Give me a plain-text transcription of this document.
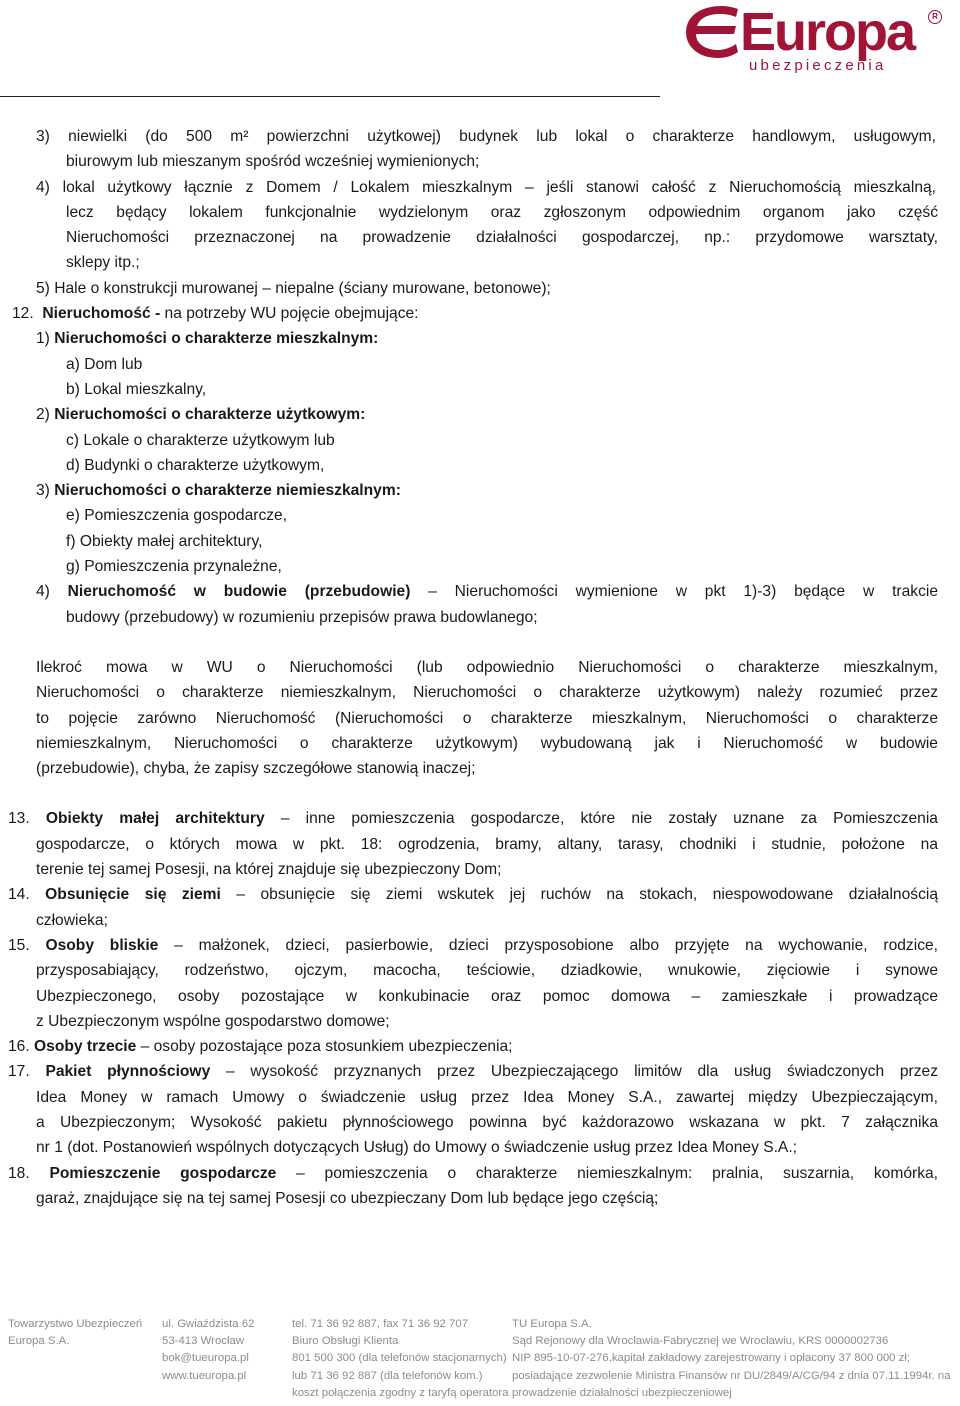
Europa	R
ubezpieczenia
3) niewielki (do 500 m² powierzchni użytkowej) budynek lub lokal o charakterze handlowym, usługowym,
biurowym lub mieszanym spośród wcześniej wymienionych;
4) lokal użytkowy łącznie z Domem / Lokalem mieszkalnym – jeśli stanowi całość z Nieruchomością mieszkalną,
lecz będący lokalem funkcjonalnie wydzielonym oraz zgłoszonym odpowiednim organom jako część
Nieruchomości przeznaczonej na prowadzenie działalności gospodarczej, np.: przydomowe warsztaty,
sklepy itp.;
5) Hale o konstrukcji murowanej – niepalne (ściany murowane, betonowe);
12. Nieruchomość - na potrzeby WU pojęcie obejmujące:
1) Nieruchomości o charakterze mieszkalnym:
a) Dom lub
b) Lokal mieszkalny,
2) Nieruchomości o charakterze użytkowym:
c) Lokale o charakterze użytkowym lub
d) Budynki o charakterze użytkowym,
3) Nieruchomości o charakterze niemieszkalnym:
e) Pomieszczenia gospodarcze,
f) Obiekty małej architektury,
g) Pomieszczenia przynależne,
4) Nieruchomość w budowie (przebudowie) – Nieruchomości wymienione w pkt 1)-3) będące w trakcie
budowy (przebudowy) w rozumieniu przepisów prawa budowlanego;
Ilekroć mowa w WU o Nieruchomości (lub odpowiednio Nieruchomości o charakterze mieszkalnym,
Nieruchomości o charakterze niemieszkalnym, Nieruchomości o charakterze użytkowym) należy rozumieć przez
to pojęcie zarówno Nieruchomość (Nieruchomości o charakterze mieszkalnym, Nieruchomości o charakterze
niemieszkalnym, Nieruchomości o charakterze użytkowym) wybudowaną jak i Nieruchomość w budowie
(przebudowie), chyba, że zapisy szczegółowe stanowią inaczej;
13. Obiekty małej architektury – inne pomieszczenia gospodarcze, które nie zostały uznane za Pomieszczenia
gospodarcze, o których mowa w pkt. 18: ogrodzenia, bramy, altany, tarasy, chodniki i studnie, położone na
terenie tej samej Posesji, na której znajduje się ubezpieczony Dom;
14. Obsunięcie się ziemi – obsunięcie się ziemi wskutek jej ruchów na stokach, niespowodowane działalnością
człowieka;
15. Osoby bliskie – małżonek, dzieci, pasierbowie, dzieci przysposobione albo przyjęte na wychowanie, rodzice,
przysposabiający, rodzeństwo, ojczym, macocha, teściowie, dziadkowie, wnukowie, zięciowie i synowe
Ubezpieczonego, osoby pozostające w konkubinacie oraz pomoc domowa – zamieszkałe i prowadzące
z Ubezpieczonym wspólne gospodarstwo domowe;
16. Osoby trzecie – osoby pozostające poza stosunkiem ubezpieczenia;
17. Pakiet płynnościowy – wysokość przyznanych przez Ubezpieczającego limitów dla usług świadczonych przez
Idea Money w ramach Umowy o świadczenie usług przez Idea Money S.A., zawartej między Ubezpieczającym,
a Ubezpieczonym; Wysokość pakietu płynnościowego powinna być każdorazowo wskazana w pkt. 7 załącznika
nr 1 (dot. Postanowień wspólnych dotyczących Usług) do Umowy o świadczenie usług przez Idea Money S.A.;
18. Pomieszczenie gospodarcze – pomieszczenia o charakterze niemieszkalnym: pralnia, suszarnia, komórka,
garaż, znajdujące się na tej samej Posesji co ubezpieczany Dom lub będące jego częścią;
Towarzystwo Ubezpieczeń
Europa S.A.
ul. Gwiaździsta 62
53-413 Wrocław
bok@tueuropa.pl
www.tueuropa.pl
tel. 71 36 92 887, fax 71 36 92 707
Biuro Obsługi Klienta
801 500 300 (dla telefonów stacjonarnych)
lub 71 36 92 887 (dla telefonów kom.)
koszt połączenia zgodny z taryfą operatora
TU Europa S.A.
Sąd Rejonowy dla Wrocławia-Fabrycznej we Wrocławiu, KRS 0000002736
NIP 895-10-07-276,kapitał zakładowy zarejestrowany i opłacony 37 800 000 zł;
posiadające zezwolenie Ministra Finansów nr DU/2849/A/CG/94 z dnia 07.11.1994r. na
prowadzenie działalności ubezpieczeniowej
